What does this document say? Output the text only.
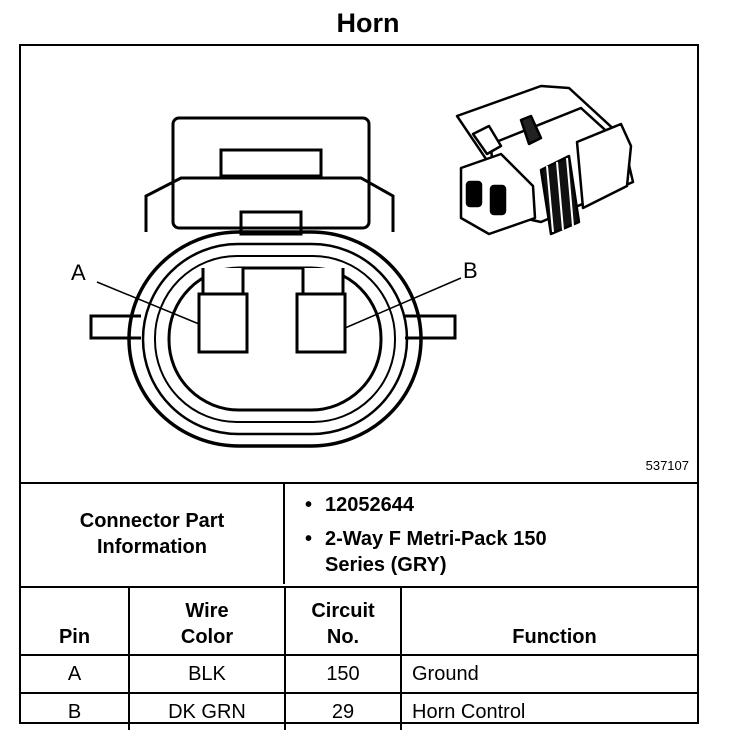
Horn
A	B
537107
Connector Part Information
• 12052644
• 2-Way F Metri-Pack 150 Series (GRY)
Pin	Wire Color	Circuit No.	Function
A	BLK	150	Ground
B	DK GRN	29	Horn Control
